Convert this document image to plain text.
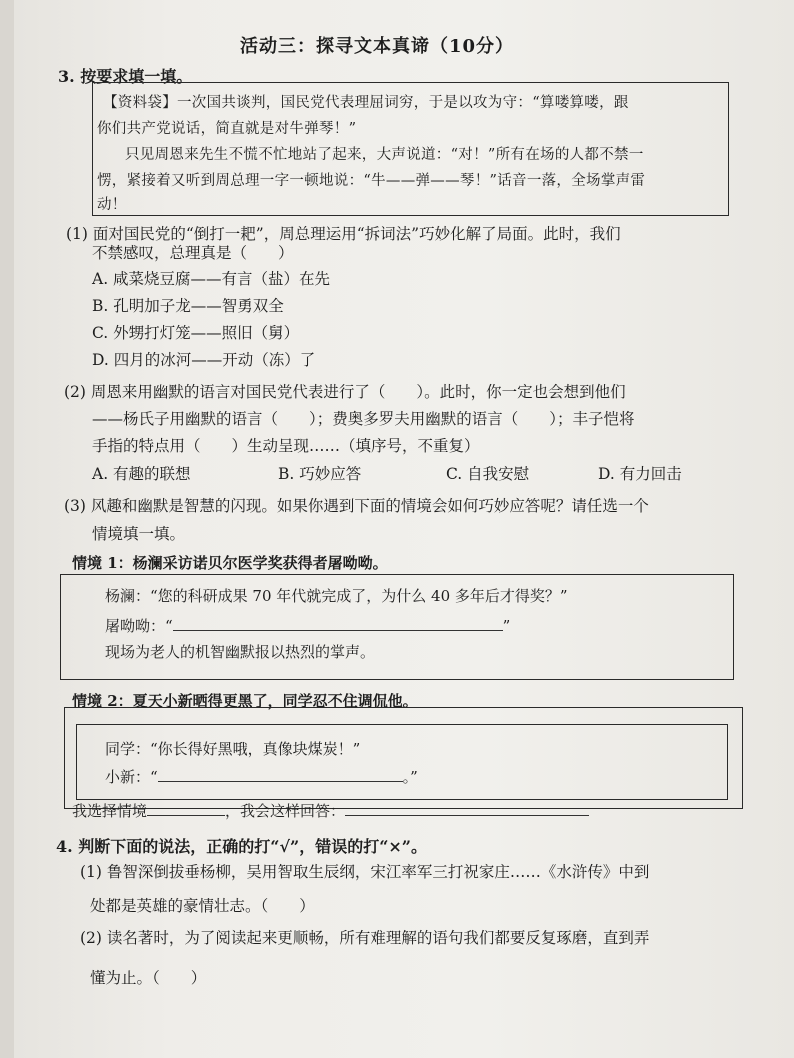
活动三：探寻文本真谛（10分）
3. 按要求填一填。
【资料袋】一次国共谈判，国民党代表理屈词穷，于是以攻为守：“算喽算喽，跟
你们共产党说话，简直就是对牛弹琴！”
只见周恩来先生不慌不忙地站了起来，大声说道：“对！”所有在场的人都不禁一
愣，紧接着又听到周总理一字一顿地说：“牛——弹——琴！”话音一落，全场掌声雷
动！
(1) 面对国民党的“倒打一耙”，周总理运用“拆词法”巧妙化解了局面。此时，我们
不禁感叹，总理真是（　　）
A. 咸菜烧豆腐——有言（盐）在先
B. 孔明加子龙——智勇双全
C. 外甥打灯笼——照旧（舅）
D. 四月的冰河——开动（冻）了
(2) 周恩来用幽默的语言对国民党代表进行了（　　）。此时，你一定也会想到他们
——杨氏子用幽默的语言（　　）；费奥多罗夫用幽默的语言（　　）；丰子恺将
手指的特点用（　　）生动呈现……（填序号，不重复）
A. 有趣的联想	B. 巧妙应答	C. 自我安慰	D. 有力回击
(3) 风趣和幽默是智慧的闪现。如果你遇到下面的情境会如何巧妙应答呢？请任选一个
情境填一填。
情境 1：杨澜采访诺贝尔医学奖获得者屠呦呦。
杨澜：“您的科研成果 70 年代就完成了，为什么 40 多年后才得奖？”
屠呦呦：“	”
现场为老人的机智幽默报以热烈的掌声。
情境 2：夏天小新晒得更黑了，同学忍不住调侃他。
同学：“你长得好黑哦，真像块煤炭！”
小新：“	。”
我选择情境	，我会这样回答：
4. 判断下面的说法，正确的打“√”，错误的打“×”。
(1) 鲁智深倒拔垂杨柳，吴用智取生辰纲，宋江率军三打祝家庄……《水浒传》中到
处都是英雄的豪情壮志。（　　）
(2) 读名著时，为了阅读起来更顺畅，所有难理解的语句我们都要反复琢磨，直到弄
懂为止。（　　）
